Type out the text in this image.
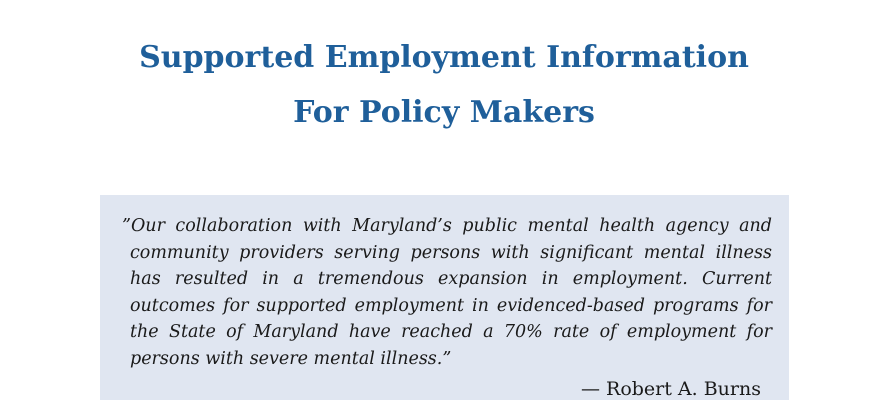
Supported Employment Information
For Policy Makers

”Our collaboration with Maryland’s public mental health agency and community providers serving persons with significant mental illness has resulted in a tremendous expansion in employment. Current outcomes for supported employment in evidenced-based programs for the State of Maryland have reached a 70% rate of employment for persons with severe mental illness.”

— Robert A. Burns
